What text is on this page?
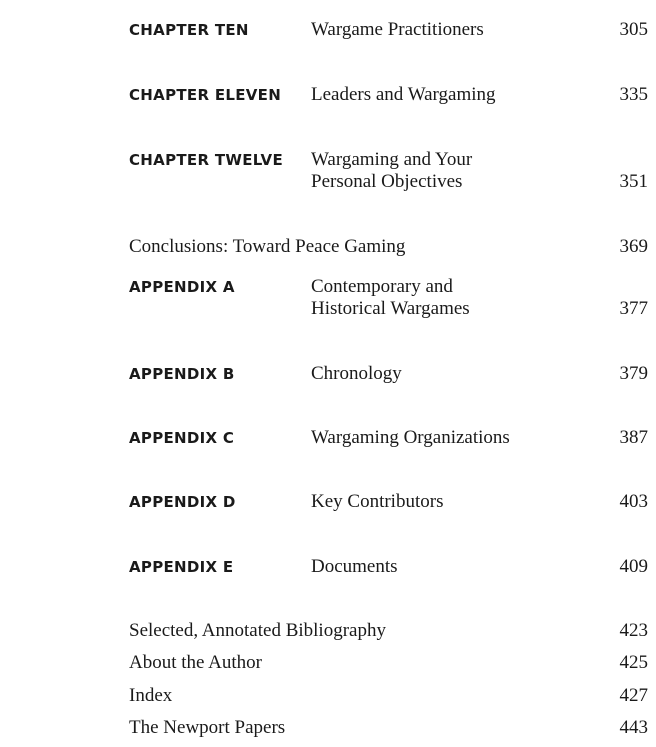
CHAPTER TEN	Wargame Practitioners	305
CHAPTER ELEVEN Leaders and Wargaming	335
CHAPTER TWELVE Wargaming and Your
Personal Objectives	351
Conclusions: Toward Peace Gaming	369
APPENDIX A	Contemporary and
Historical Wargames	377
APPENDIX B	Chronology	379
APPENDIX C	Wargaming Organizations	387
APPENDIX D	Key Contributors	403
APPENDIX E	Documents	409
Selected, Annotated Bibliography	423
About the Author	425
Index	427
The Newport Papers	443
